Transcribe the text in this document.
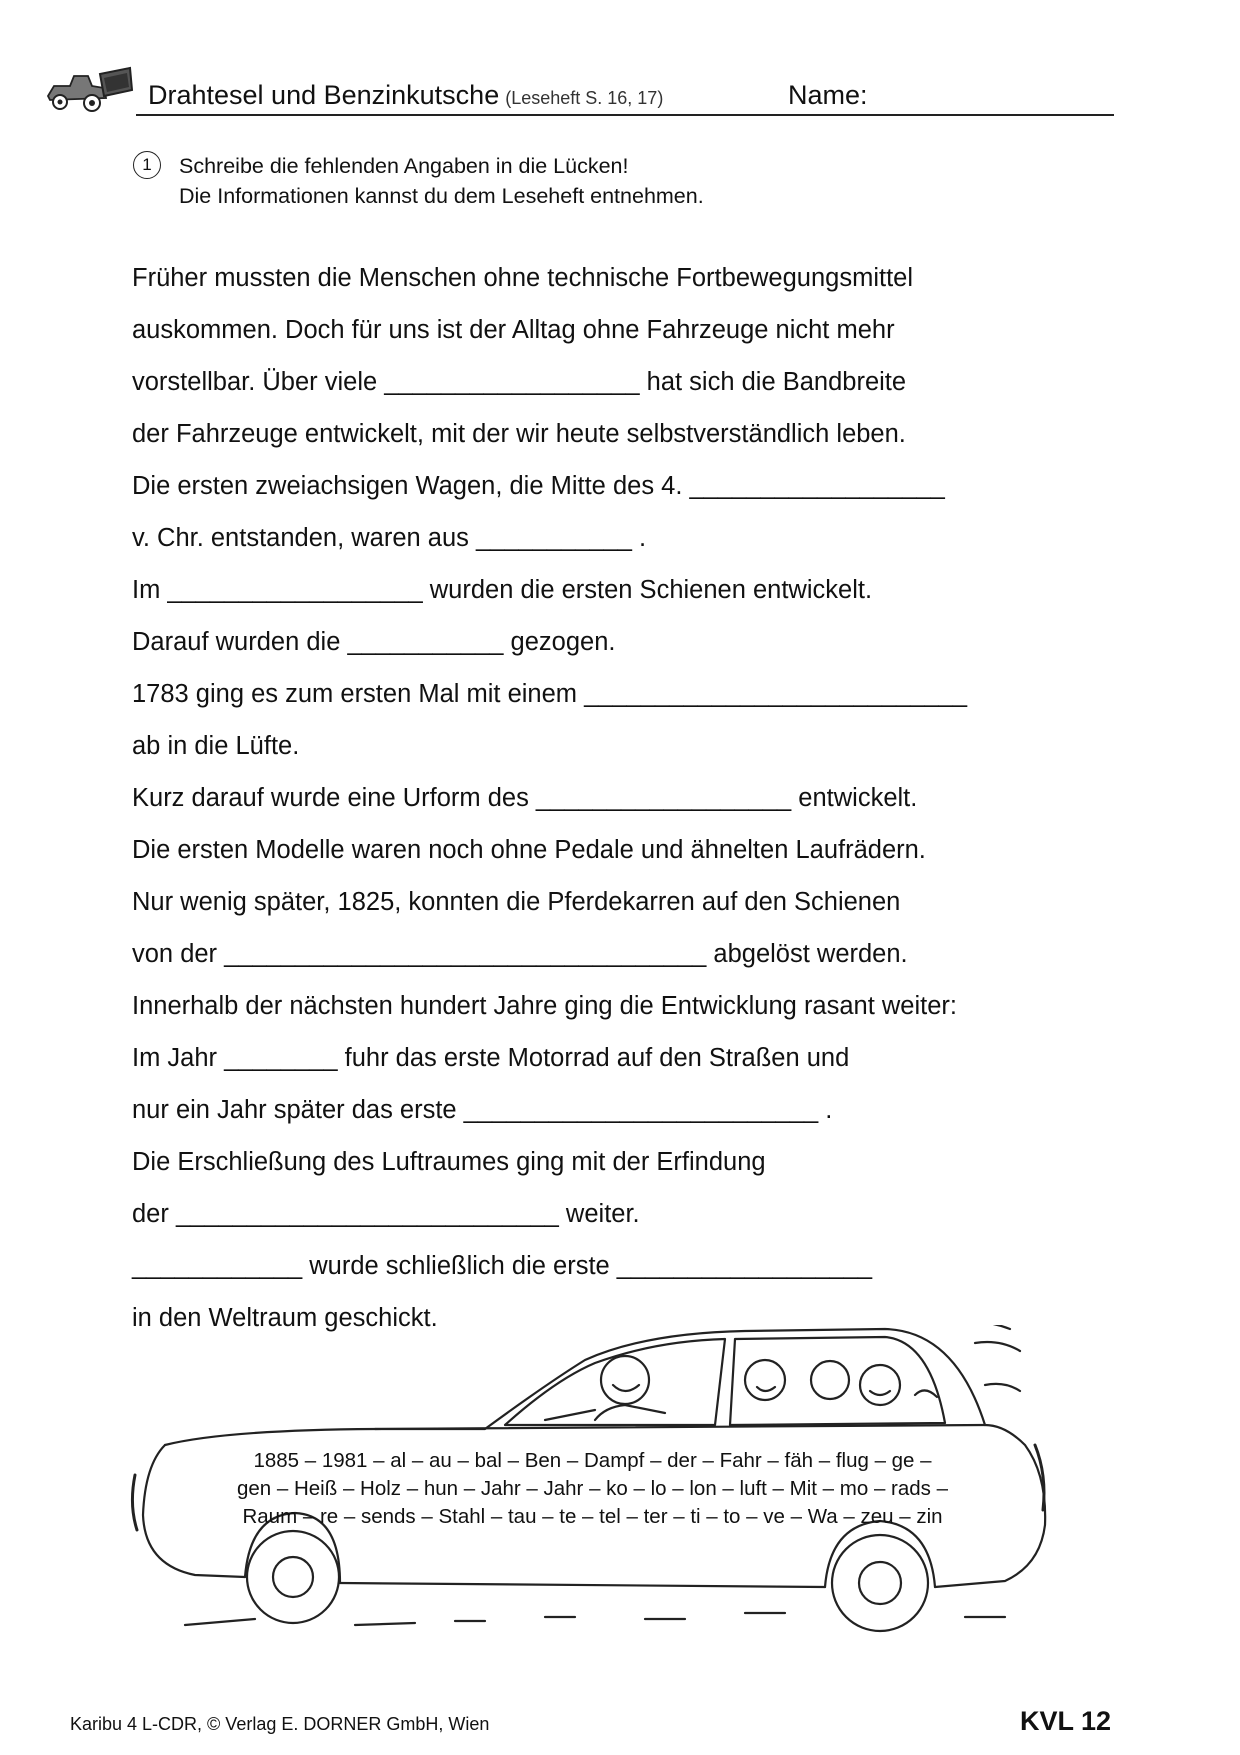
Drahtesel und Benzinkutsche (Leseheft S. 16, 17)	Name:
1	Schreibe die fehlenden Angaben in die Lücken!
Die Informationen kannst du dem Leseheft entnehmen.
Früher mussten die Menschen ohne technische Fortbewegungsmittel
auskommen. Doch für uns ist der Alltag ohne Fahrzeuge nicht mehr
vorstellbar. Über viele __________________ hat sich die Bandbreite
der Fahrzeuge entwickelt, mit der wir heute selbstverständlich leben.
Die ersten zweiachsigen Wagen, die Mitte des 4. __________________
v. Chr. entstanden, waren aus ___________ .
Im __________________ wurden die ersten Schienen entwickelt.
Darauf wurden die ___________ gezogen.
1783 ging es zum ersten Mal mit einem ___________________________
ab in die Lüfte.
Kurz darauf wurde eine Urform des __________________ entwickelt.
Die ersten Modelle waren noch ohne Pedale und ähnelten Laufrädern.
Nur wenig später, 1825, konnten die Pferdekarren auf den Schienen
von der __________________________________ abgelöst werden.
Innerhalb der nächsten hundert Jahre ging die Entwicklung rasant weiter:
Im Jahr ________ fuhr das erste Motorrad auf den Straßen und
nur ein Jahr später das erste _________________________ .
Die Erschließung des Luftraumes ging mit der Erfindung
der ___________________________ weiter.
____________ wurde schließlich die erste __________________
in den Weltraum geschickt.
1885 – 1981 – al – au – bal – Ben – Dampf – der – Fahr – fäh – flug – ge –
gen – Heiß – Holz – hun – Jahr – Jahr – ko – lo – lon – luft – Mit – mo – rads –
Raum – re – sends – Stahl – tau – te – tel – ter – ti – to – ve – Wa – zeu – zin
Karibu 4 L-CDR, © Verlag E. DORNER GmbH, Wien	KVL 12
